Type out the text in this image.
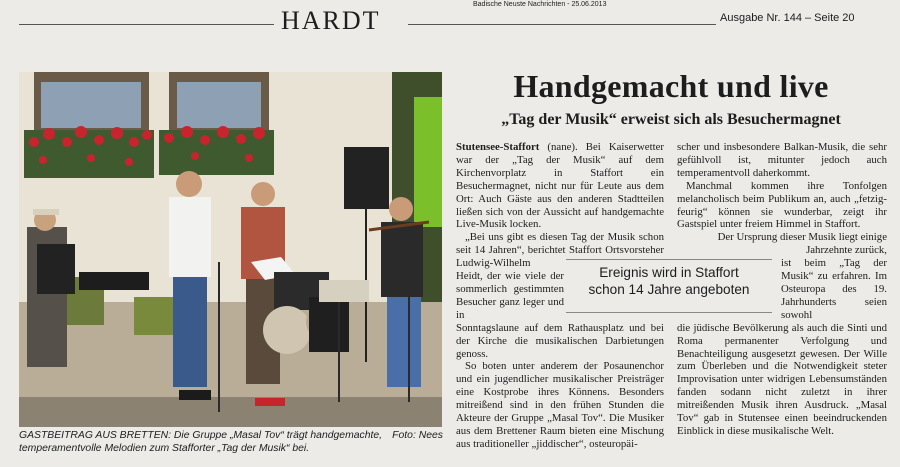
HARDT
Badische Neuste Nachrichten - 25.06.2013
Ausgabe Nr. 144 – Seite 20
Handgemacht und live
„Tag der Musik“ erweist sich als Besuchermagnet
Foto: Nees
GASTBEITRAG AUS BRETTEN: Die Gruppe „Masal Tov“ trägt handgemachte, temperamentvolle Melodien zum Stafforter „Tag der Musik“ bei.

Stutensee-Staffort (nane). Bei Kaiserwetter war der „Tag der Musik“ auf dem Kirchenvorplatz in Staffort ein Besuchermagnet, nicht nur für Leute aus dem Ort: Auch Gäste aus den anderen Stadtteilen ließen sich von der Aussicht auf handgemachte Live-Musik locken.

„Bei uns gibt es diesen Tag der Musik schon seit 14 Jahren“, berichtet Staffort Ortsvorsteher Ludwig-Wilhelm

Heidt, der wie viele der sommerlich gestimmten Besucher ganz leger und in

Sonntagslaune auf dem Rathausplatz und bei der Kirche die musikalischen Darbietungen genoss.

So boten unter anderem der Posaunenchor und ein jugendlicher musikalischer Preisträger eine Kostprobe ihres Könnens. Besonders mitreißend sind in den frühen Stunden die Akteure der Gruppe „Masal Tov“. Die Musiker aus dem Brettener Raum bieten eine Mischung aus traditioneller „jiddischer“, osteuropäi-

scher und insbesondere Balkan-Musik, die sehr gefühlvoll ist, mitunter jedoch auch temperamentvoll daherkommt.

Manchmal kommen ihre Tonfolgen melancholisch beim Publikum an, auch „fetzig-feurig“ können sie wunderbar, zeigt ihr Gastspiel unter freiem Himmel in Staffort.

Der Ursprung dieser Musik liegt einige Jahrzehnte zurück,

ist beim „Tag der Musik“ zu erfahren. Im Osteuropa des 19. Jahrhunderts seien sowohl

die jüdische Bevölkerung als auch die Sinti und Roma permanenter Verfolgung und Benachteiligung ausgesetzt gewesen. Der Wille zum Überleben und die Notwendigkeit steter Improvisation unter widrigen Lebensumständen fanden sodann nicht zuletzt in ihrer mitreißenden Musik ihren Ausdruck. „Masal Tov“ gab in Stutensee einen beeindruckenden Einblick in diese musikalische Welt.

Ereignis wird in Staffort
schon 14 Jahre angeboten
